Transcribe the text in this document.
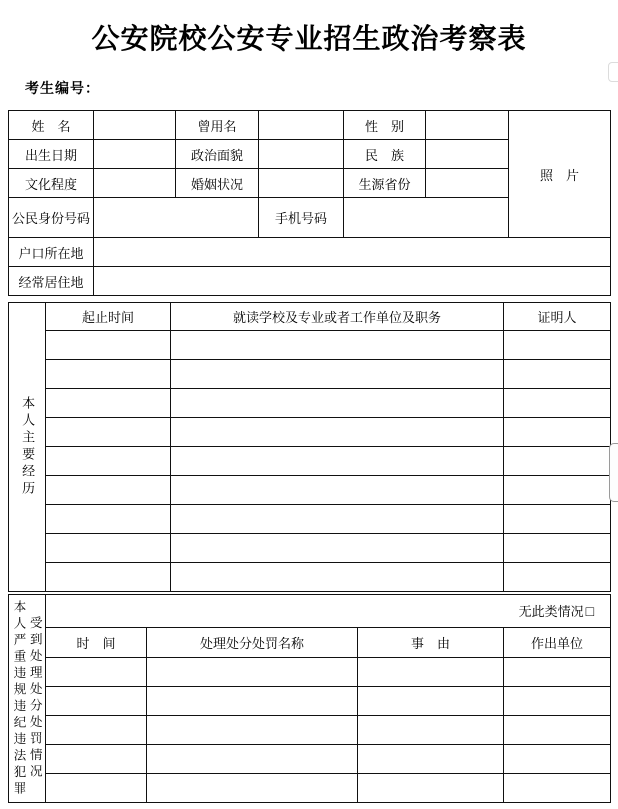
公安院校公安专业招生政治考察表
考生编号：
姓　名		曾用名		性　别		照　片
出生日期		政治面貌		民　族		
文化程度		婚姻状况		生源省份		
公民身份号码			手机号码			
户口所在地						
经常居住地						
本人主要经历	起止时间	就读学校及专业或者工作单位及职务	证明人

本人严重违规违纪违法犯罪 受到处理处分处罚情况	无此类情况 □			
	时　间	处理处分处罚名称	事　由	作出单位
